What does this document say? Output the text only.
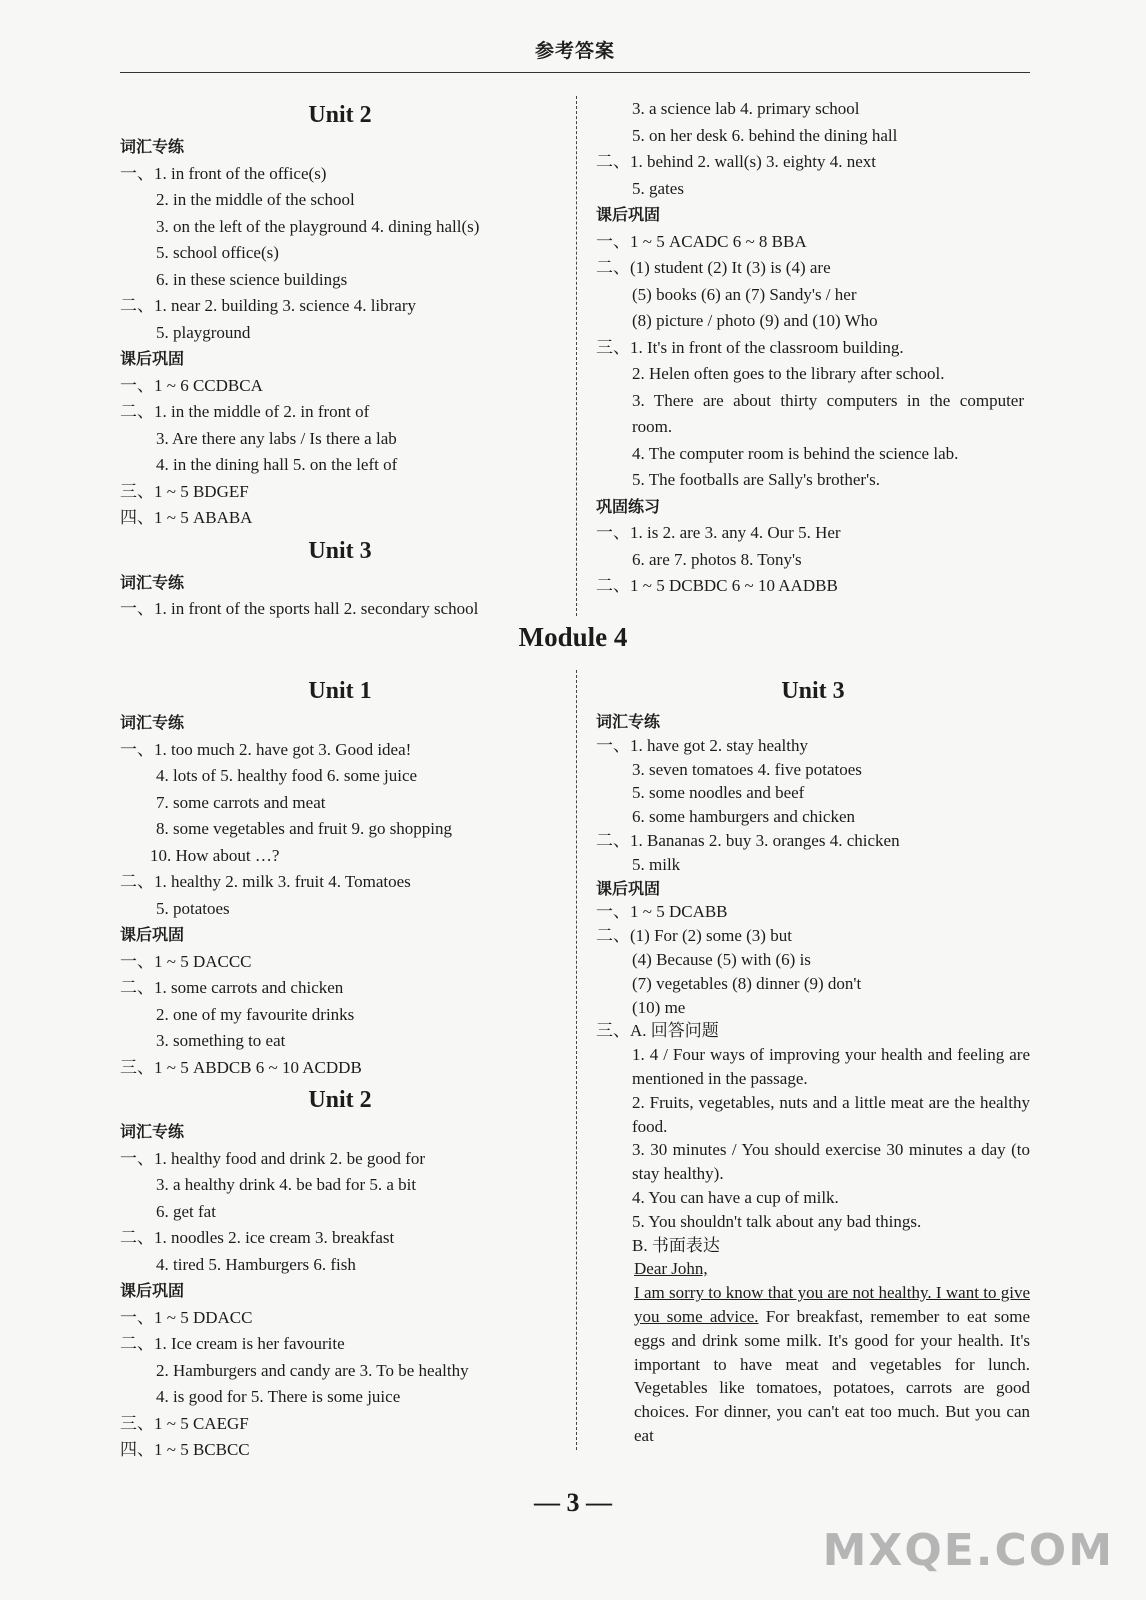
参考答案
Unit 2
词汇专练
一、1. in front of the office(s)
2. in the middle of the school
3. on the left of the playground 4. dining hall(s)
5. school office(s)
6. in these science buildings
二、1. near 2. building 3. science 4. library
5. playground
课后巩固
一、1 ~ 6 CCDBCA
二、1. in the middle of 2. in front of
3. Are there any labs / Is there a lab
4. in the dining hall 5. on the left of
三、1 ~ 5 BDGEF
四、1 ~ 5 ABABA
Unit 3
词汇专练
一、1. in front of the sports hall 2. secondary school
3. a science lab 4. primary school
5. on her desk 6. behind the dining hall
二、1. behind 2. wall(s) 3. eighty 4. next
5. gates
课后巩固
一、1 ~ 5 ACADC 6 ~ 8 BBA
二、(1) student (2) It (3) is (4) are
(5) books (6) an (7) Sandy's / her
(8) picture / photo (9) and (10) Who
三、1. It's in front of the classroom building.
2. Helen often goes to the library after school.
3. There are about thirty computers in the computer room.
4. The computer room is behind the science lab.
5. The footballs are Sally's brother's.
巩固练习
一、1. is 2. are 3. any 4. Our 5. Her
6. are 7. photos 8. Tony's
二、1 ~ 5 DCBDC 6 ~ 10 AADBB
Module 4
Unit 1
词汇专练
一、1. too much 2. have got 3. Good idea!
4. lots of 5. healthy food 6. some juice
7. some carrots and meat
8. some vegetables and fruit 9. go shopping
10. How about …?
二、1. healthy 2. milk 3. fruit 4. Tomatoes
5. potatoes
课后巩固
一、1 ~ 5 DACCC
二、1. some carrots and chicken
2. one of my favourite drinks
3. something to eat
三、1 ~ 5 ABDCB 6 ~ 10 ACDDB
Unit 2
词汇专练
一、1. healthy food and drink 2. be good for
3. a healthy drink 4. be bad for 5. a bit
6. get fat
二、1. noodles 2. ice cream 3. breakfast
4. tired 5. Hamburgers 6. fish
课后巩固
一、1 ~ 5 DDACC
二、1. Ice cream is her favourite
2. Hamburgers and candy are 3. To be healthy
4. is good for 5. There is some juice
三、1 ~ 5 CAEGF
四、1 ~ 5 BCBCC
Unit 3
词汇专练
一、1. have got 2. stay healthy
3. seven tomatoes 4. five potatoes
5. some noodles and beef
6. some hamburgers and chicken
二、1. Bananas 2. buy 3. oranges 4. chicken
5. milk
课后巩固
一、1 ~ 5 DCABB
二、(1) For (2) some (3) but
(4) Because (5) with (6) is
(7) vegetables (8) dinner (9) don't
(10) me
三、A. 回答问题
1. 4 / Four ways of improving your health and feeling are mentioned in the passage.
2. Fruits, vegetables, nuts and a little meat are the healthy food.
3. 30 minutes / You should exercise 30 minutes a day (to stay healthy).
4. You can have a cup of milk.
5. You shouldn't talk about any bad things.
B. 书面表达
Dear John,
I am sorry to know that you are not healthy. I want to give you some advice. For breakfast, remember to eat some eggs and drink some milk. It's good for your health. It's important to have meat and vegetables for lunch. Vegetables like tomatoes, potatoes, carrots are good choices. For dinner, you can't eat too much. But you can eat
— 3 —
MXQE.COM
